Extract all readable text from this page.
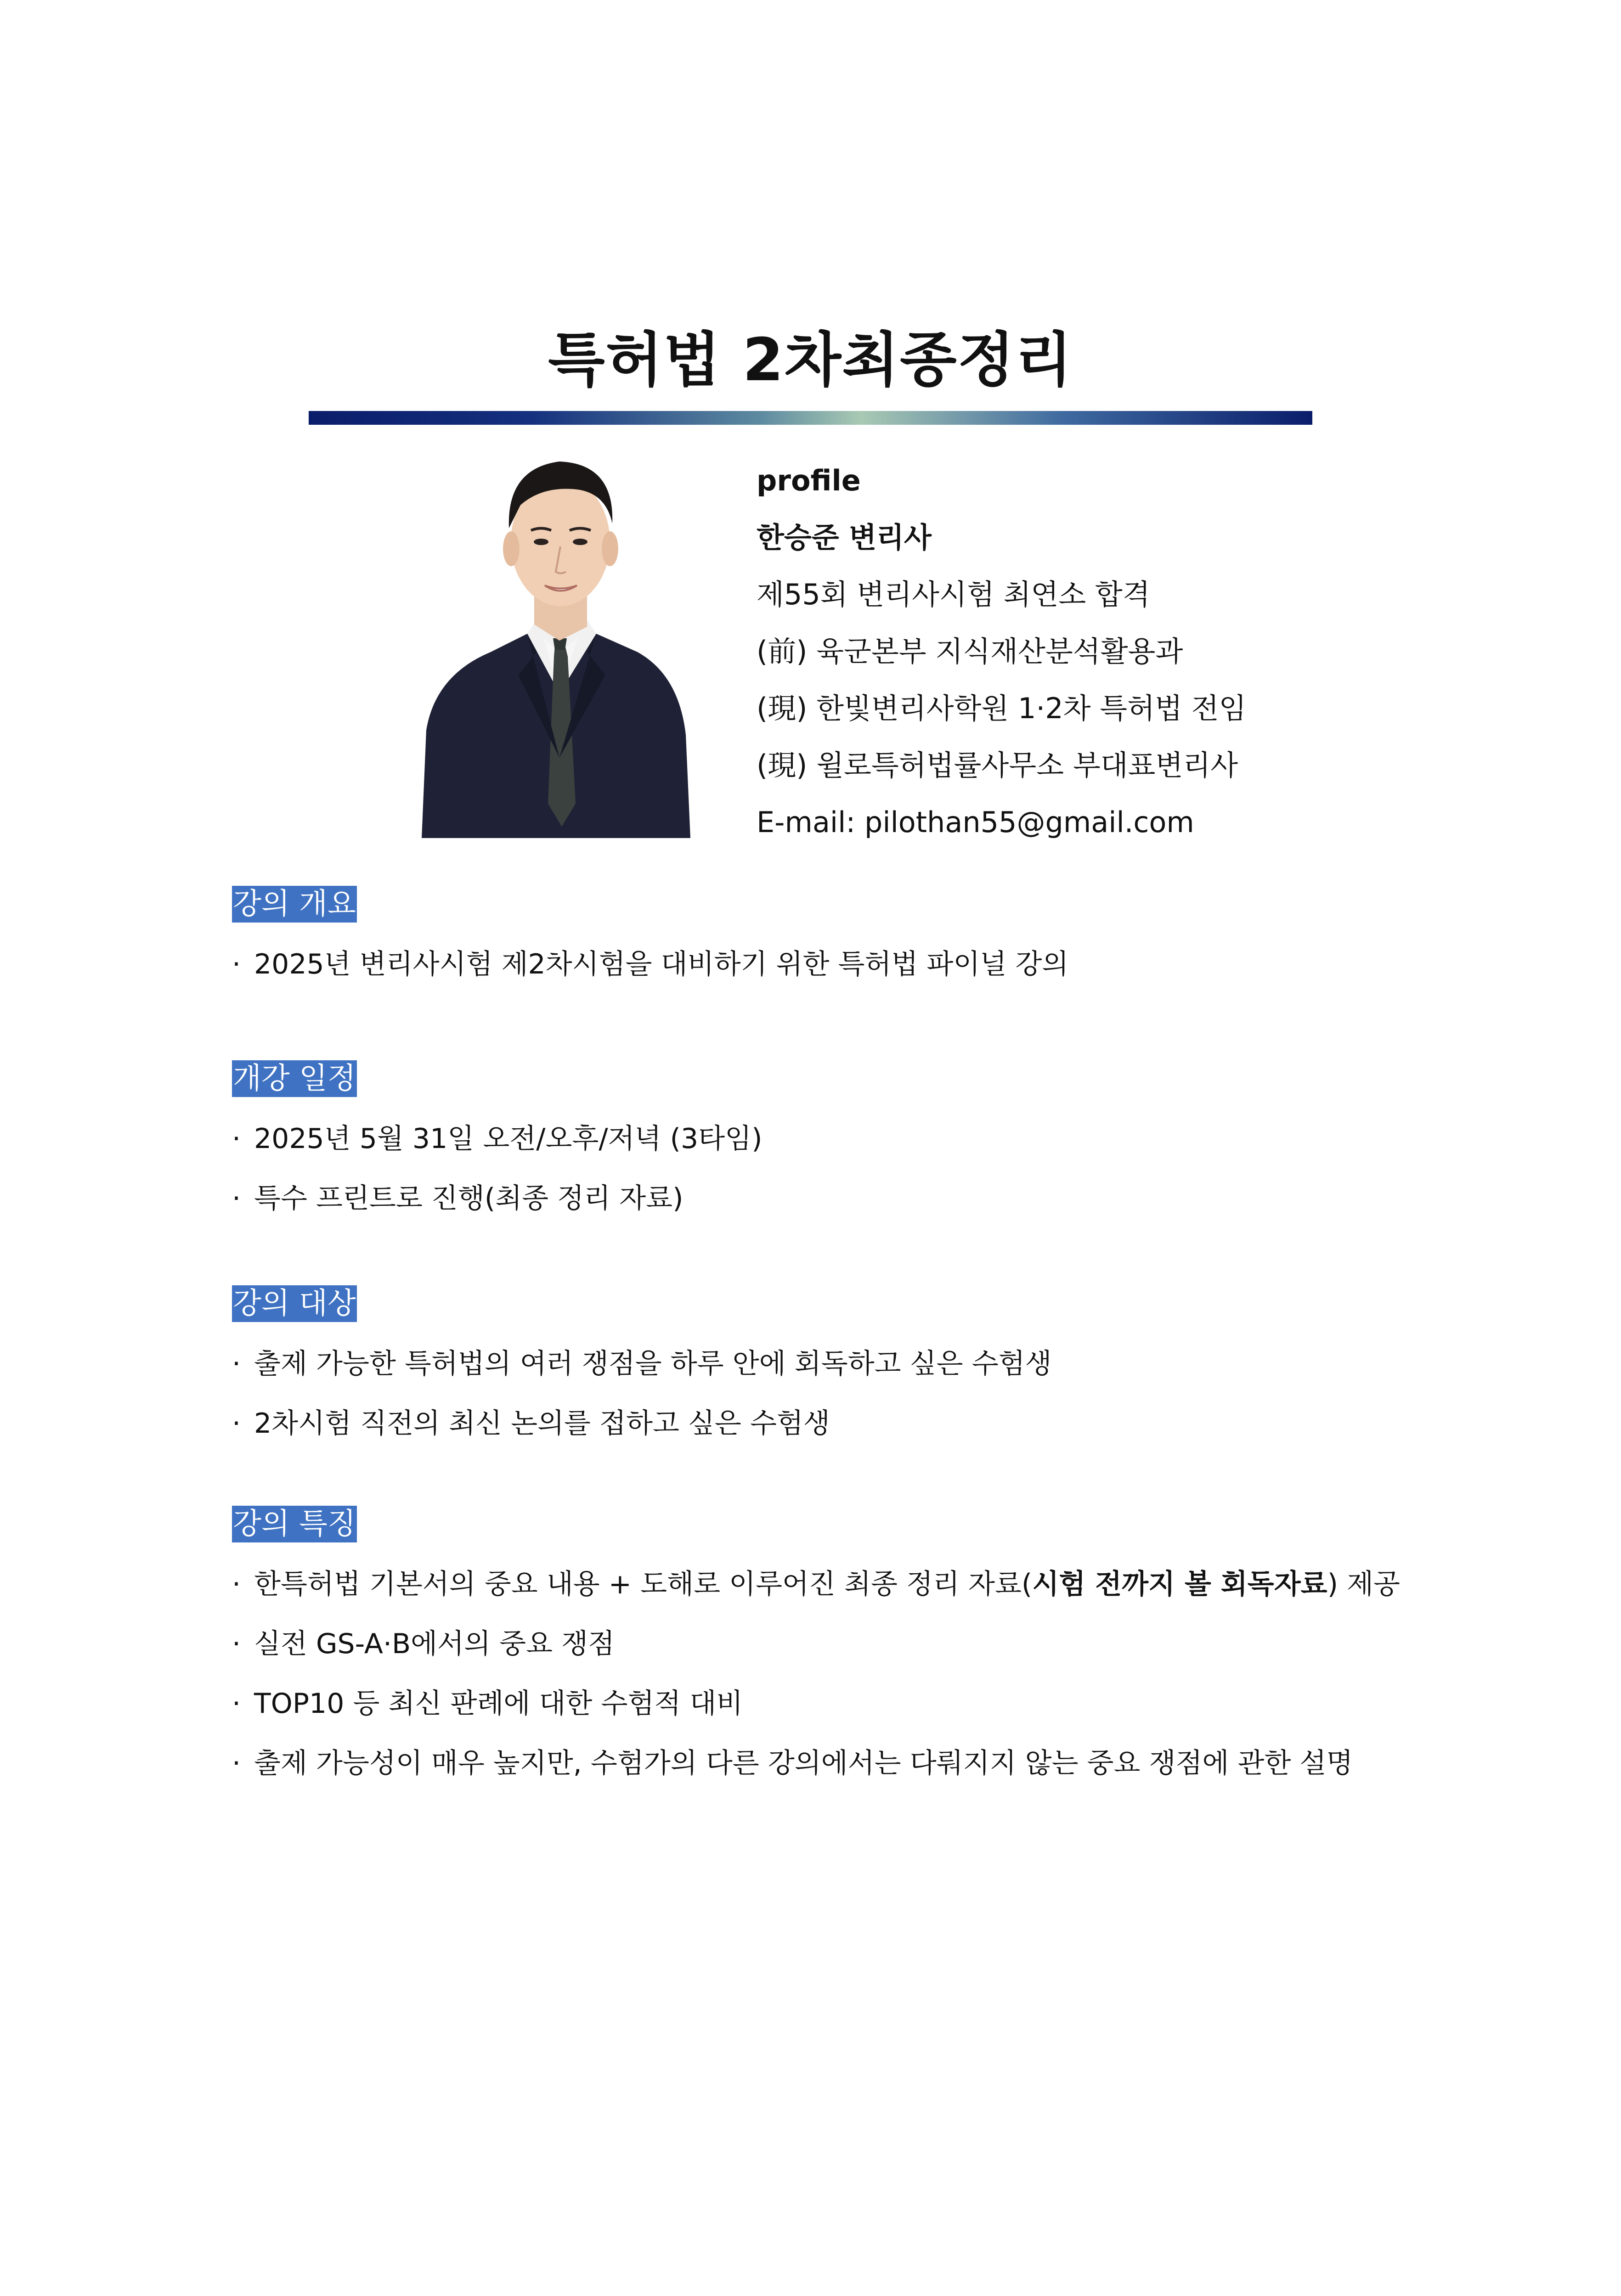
특허법 2차최종정리
profile
한승준 변리사
제55회 변리사시험 최연소 합격
(前) 육군본부 지식재산분석활용과
(現) 한빛변리사학원 1·2차 특허법 전임
(現) 윌로특허법률사무소 부대표변리사
E-mail: pilothan55@gmail.com
강의 개요
· 2025년 변리사시험 제2차시험을 대비하기 위한 특허법 파이널 강의
개강 일정
· 2025년 5월 31일 오전/오후/저녁 (3타임)
· 특수 프린트로 진행(최종 정리 자료)
강의 대상
· 출제 가능한 특허법의 여러 쟁점을 하루 안에 회독하고 싶은 수험생
· 2차시험 직전의 최신 논의를 접하고 싶은 수험생
강의 특징
· 한특허법 기본서의 중요 내용 + 도해로 이루어진 최종 정리 자료(시험 전까지 볼 회독자료) 제공
· 실전 GS-A·B에서의 중요 쟁점
· TOP10 등 최신 판례에 대한 수험적 대비
· 출제 가능성이 매우 높지만, 수험가의 다른 강의에서는 다뤄지지 않는 중요 쟁점에 관한 설명
